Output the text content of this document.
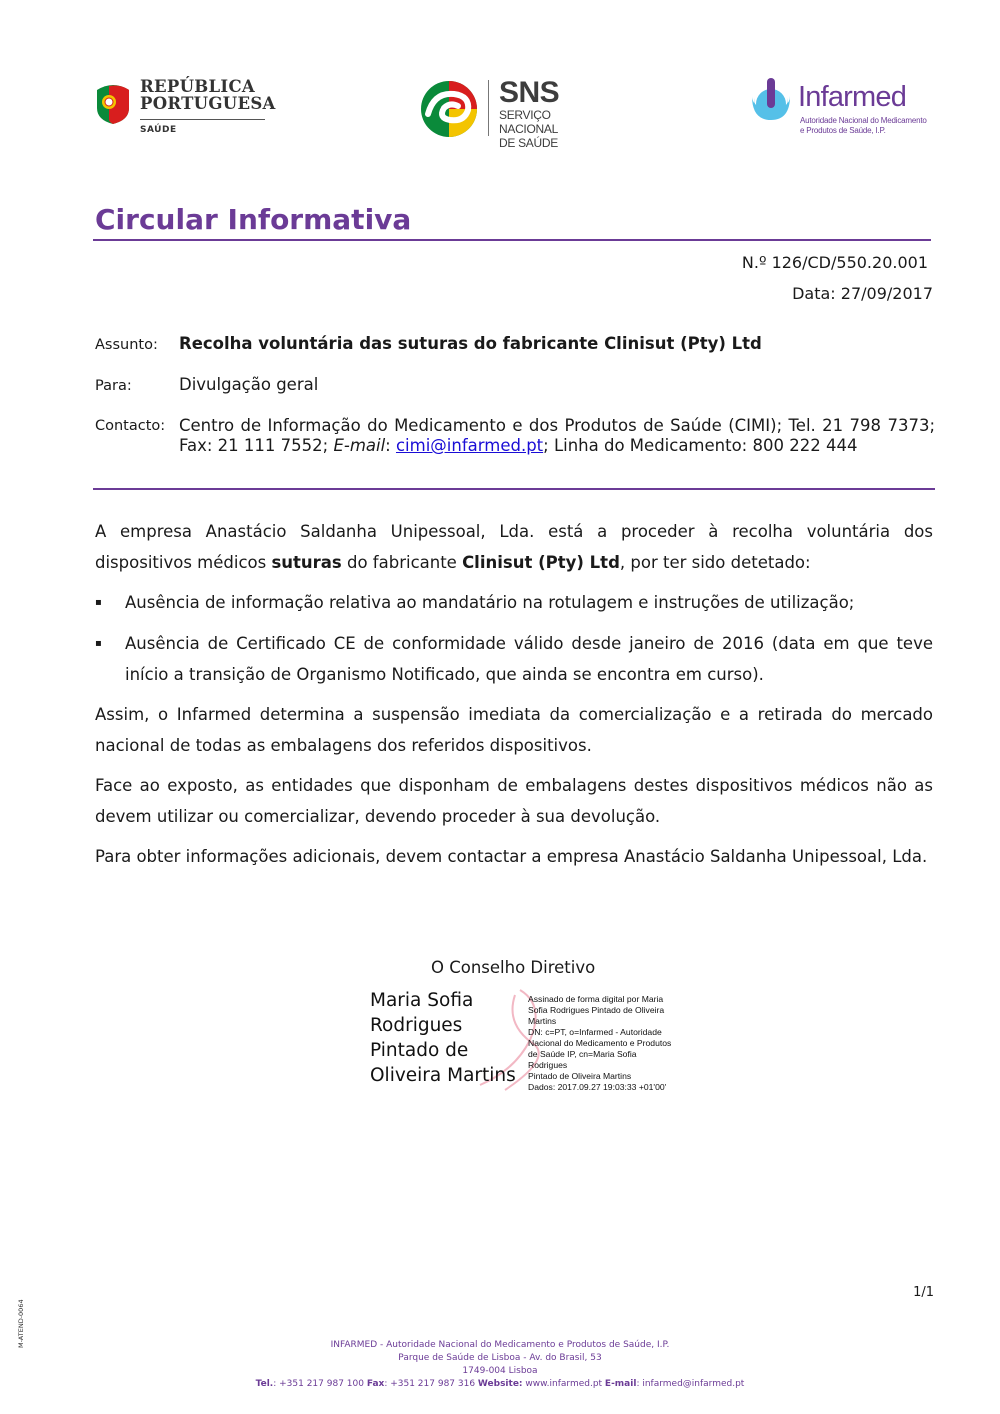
REPÚBLICA
PORTUGUESA
SAÚDE
SNS
SERVIÇO NACIONAL
DE SAÚDE
Infarmed
Autoridade Nacional do Medicamento
e Produtos de Saúde, I.P.
Circular Informativa
N.º 126/CD/550.20.001
Data: 27/09/2017
Assunto: Recolha voluntária das suturas do fabricante Clinisut (Pty) Ltd
Para:	Divulgação geral
Contacto: Centro de Informação do Medicamento e dos Produtos de Saúde (CIMI); Tel. 21 798 7373; Fax: 21 111 7552; E-mail: cimi@infarmed.pt; Linha do Medicamento: 800 222 444
A empresa Anastácio Saldanha Unipessoal, Lda. está a proceder à recolha voluntária dos dispositivos médicos suturas do fabricante Clinisut (Pty) Ltd, por ter sido detetado:
▪ Ausência de informação relativa ao mandatário na rotulagem e instruções de utilização;
▪ Ausência de Certificado CE de conformidade válido desde janeiro de 2016 (data em que teve início a transição de Organismo Notificado, que ainda se encontra em curso).
Assim, o Infarmed determina a suspensão imediata da comercialização e a retirada do mercado nacional de todas as embalagens dos referidos dispositivos.
Face ao exposto, as entidades que disponham de embalagens destes dispositivos médicos não as devem utilizar ou comercializar, devendo proceder à sua devolução.
Para obter informações adicionais, devem contactar a empresa Anastácio Saldanha Unipessoal, Lda.
O Conselho Diretivo
Maria Sofia
Rodrigues
Pintado de
Oliveira Martins
Assinado de forma digital por Maria
Sofia Rodrigues Pintado de Oliveira
Martins
DN: c=PT, o=Infarmed - Autoridade
Nacional do Medicamento e Produtos
de Saúde IP, cn=Maria Sofia Rodrigues
Pintado de Oliveira Martins
Dados: 2017.09.27 19:03:33 +01'00'
1/1
M-ATEND-0064	INFARMED - Autoridade Nacional do Medicamento e Produtos de Saúde, I.P.
Parque de Saúde de Lisboa - Av. do Brasil, 53
1749-004 Lisboa
Tel.: +351 217 987 100 Fax: +351 217 987 316 Website: www.infarmed.pt E-mail: infarmed@infarmed.pt
